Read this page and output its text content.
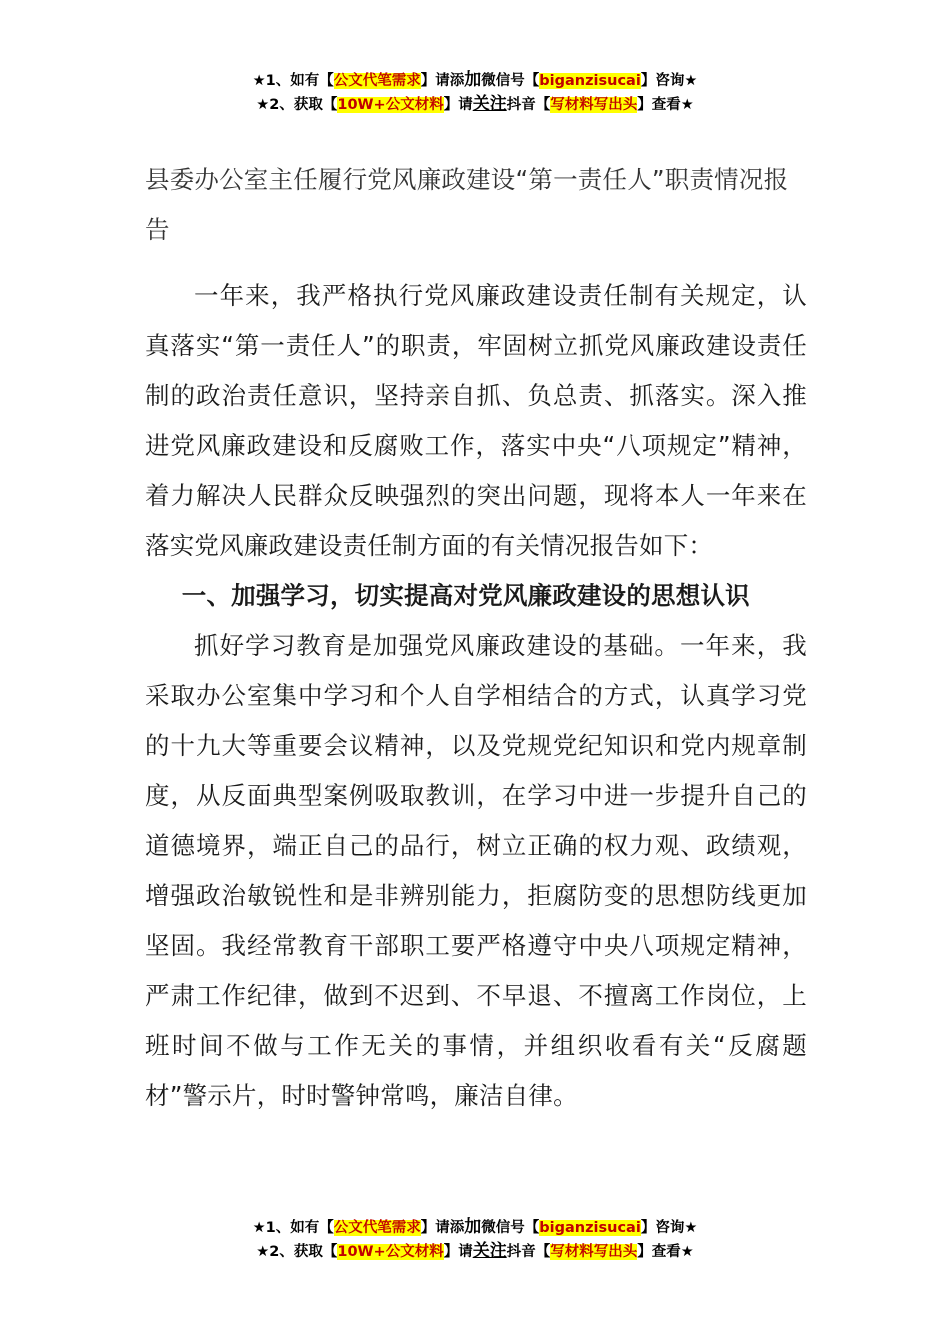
★1、如有【公文代笔需求】请添加微信号【biganzisucai】咨询★
★2、获取【10W+公文材料】请关注抖音【写材料写出头】查看★

县委办公室主任履行党风廉政建设“第一责任人”职责情况报告

一年来，我严格执行党风廉政建设责任制有关规定，认真落实“第一责任人”的职责，牢固树立抓党风廉政建设责任制的政治责任意识，坚持亲自抓、负总责、抓落实。深入推进党风廉政建设和反腐败工作，落实中央“八项规定”精神，着力解决人民群众反映强烈的突出问题，现将本人一年来在落实党风廉政建设责任制方面的有关情况报告如下：

一、加强学习，切实提高对党风廉政建设的思想认识

抓好学习教育是加强党风廉政建设的基础。一年来，我采取办公室集中学习和个人自学相结合的方式，认真学习党的十九大等重要会议精神，以及党规党纪知识和党内规章制度，从反面典型案例吸取教训，在学习中进一步提升自己的道德境界，端正自己的品行，树立正确的权力观、政绩观，增强政治敏锐性和是非辨别能力，拒腐防变的思想防线更加坚固。我经常教育干部职工要严格遵守中央八项规定精神，严肃工作纪律，做到不迟到、不早退、不擅离工作岗位，上班时间不做与工作无关的事情，并组织收看有关“反腐题材”警示片，时时警钟常鸣，廉洁自律。

★1、如有【公文代笔需求】请添加微信号【biganzisucai】咨询★
★2、获取【10W+公文材料】请关注抖音【写材料写出头】查看★
